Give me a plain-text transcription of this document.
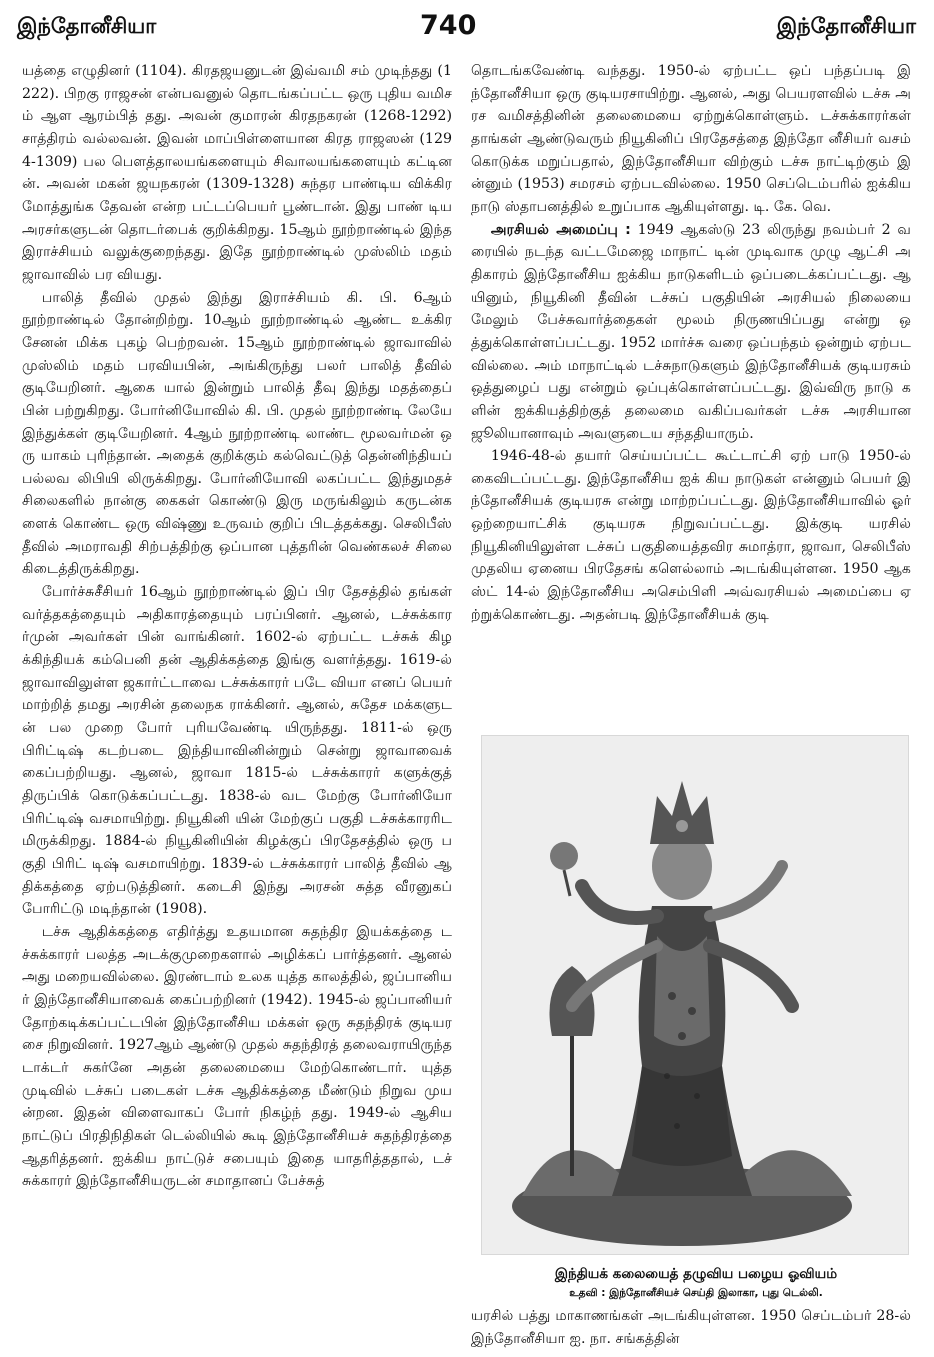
இந்தோனீசியா	740	இந்தோனீசியா

யத்தை எழுதினர் (1104). கிரதஜயனுடன் இவ்வமி சம் முடிந்தது (1222). பிறகு ராஜசன் என்பவனுல் தொடங்கப்பட்ட ஒரு புதிய வமிசம் ஆள ஆரம்பித் தது. அவன் குமாரன் கிரதநகரன் (1268-1292) சாத்திரம் வல்லவன். இவன் மாப்பிள்ளையான கிரத ராஜஸன் (1294-1309) பல பௌத்தாலயங்களையும் சிவாலயங்களையும் கட்டினன். அவன் மகன் ஜயநகரன் (1309-1328) சுந்தர பாண்டிய விக்கிரமோத்துங்க தேவன் என்ற பட்டப்பெயர் பூண்டான். இது பாண் டிய அரசர்களுடன் தொடர்பைக் குறிக்கிறது. 15ஆம் நூற்றாண்டில் இந்த இராச்சியம் வலுக்குறைந்தது. இதே நூற்றாண்டில் முஸ்லிம் மதம் ஜாவாவில் பர வியது.

பாலித் தீவில் முதல் இந்து இராச்சியம் கி. பி. 6ஆம் நூற்றாண்டில் தோன்றிற்று. 10ஆம் நூற்றாண்டில் ஆண்ட உக்கிரசேனன் மிக்க புகழ் பெற்றவன். 15ஆம் நூற்றாண்டில் ஜாவாவில் முஸ்லிம் மதம் பரவியபின், அங்கிருந்து பலர் பாலித் தீவில் குடியேறினர். ஆகை யால் இன்றும் பாலித் தீவு இந்து மதத்தைப் பின் பற்றுகிறது. போர்னியோவில் கி. பி. முதல் நூற்றாண்டி லேயே இந்துக்கள் குடியேறினர். 4ஆம் நூற்றாண்டி லாண்ட மூலவர்மன் ஒரு யாகம் புரிந்தான். அதைக் குறிக்கும் கல்வெட்டுத் தென்னிந்தியப் பல்லவ லிபியி லிருக்கிறது. போர்னியோவி லகப்பட்ட இந்துமதச் சிலைகளில் நான்கு கைகள் கொண்டு இரு மருங்கிலும் கருடன்களைக் கொண்ட ஒரு விஷ்ணு உருவம் குறிப் பிடத்தக்கது. செலிபீஸ் தீவில் அமராவதி சிற்பத்திற்கு ஒப்பான புத்தரின் வெண்கலச் சிலை கிடைத்திருக்கிறது.

போர்ச்சுசீசியர் 16ஆம் நூற்றாண்டில் இப் பிர தேசத்தில் தங்கள் வர்த்தகத்தையும் அதிகாரத்தையும் பரப்பினர். ஆனல், டச்சுக்காரர்முன் அவர்கள் பின் வாங்கினர். 1602-ல் ஏற்பட்ட டச்சுக் கிழக்கிந்தியக் கம்பெனி தன் ஆதிக்கத்தை இங்கு வளர்த்தது. 1619-ல் ஜாவாவிலுள்ள ஜகார்ட்டாவை டச்சுக்காரர் படே வியா எனப் பெயர் மாற்றித் தமது அரசின் தலைநக ராக்கினர். ஆனல், சுதேச மக்களுடன் பல முறை போர் புரியவேண்டி யிருந்தது. 1811-ல் ஒரு பிரிட்டிஷ் கடற்படை இந்தியாவினின்றும் சென்று ஜாவாவைக் கைப்பற்றியது. ஆனல், ஜாவா 1815-ல் டச்சுக்காரர் களுக்குத் திருப்பிக் கொடுக்கப்பட்டது. 1838-ல் வட மேற்கு போர்னியோ பிரிட்டிஷ் வசமாயிற்று. நியூகினி யின் மேற்குப் பகுதி டச்சுக்காரரிடமிருக்கிறது. 1884-ல் நியூகினியின் கிழக்குப் பிரதேசத்தில் ஒரு பகுதி பிரிட் டிஷ் வசமாயிற்று. 1839-ல் டச்சுக்காரர் பாலித் தீவில் ஆதிக்கத்தை ஏற்படுத்தினர். கடைசி இந்து அரசன் சுத்த வீரனுகப் போரிட்டு மடிந்தான் (1908).

டச்சு ஆதிக்கத்தை எதிர்த்து உதயமான சுதந்திர இயக்கத்தை டச்சுக்காரர் பலத்த அடக்குமுறைகளால் அழிக்கப் பார்த்தனர். ஆனல் அது மறையவில்லை. இரண்டாம் உலக யுத்த காலத்தில், ஜப்பானியர் இந்தோனீசியாவைக் கைப்பற்றினர் (1942). 1945-ல் ஜப்பானியர் தோற்கடிக்கப்பட்டபின் இந்தோனீசிய மக்கள் ஒரு சுதந்திரக் குடியரசை நிறுவினர். 1927ஆம் ஆண்டு முதல் சுதந்திரத் தலைவராயிருந்த டாக்டர் சுகர்னே அதன் தலைமையை மேற்கொண்டார். யுத்த முடிவில் டச்சுப் படைகள் டச்சு ஆதிக்கத்தை மீண்டும் நிறுவ முயன்றன. இதன் விளைவாகப் போர் நிகழ்ந் தது. 1949-ல் ஆசிய நாட்டுப் பிரதிநிதிகள் டெல்லியில் கூடி இந்தோனீசியச் சுதந்திரத்தை ஆதரித்தனர். ஐக்கிய நாட்டுச் சபையும் இதை யாதரித்ததால், டச் சுக்காரர் இந்தோனீசியருடன் சமாதானப் பேச்சுத்

தொடங்கவேண்டி வந்தது. 1950-ல் ஏற்பட்ட ஒப் பந்தப்படி இந்தோனீசியா ஒரு குடியரசாயிற்று. ஆனல், அது பெயரளவில் டச்சு அரச வமிசத்தினின் தலைமையை ஏற்றுக்கொள்ளும். டச்சுக்காரர்கள் தாங்கள் ஆண்டுவரும் நியூகினிப் பிரதேசத்தை இந்தோ னீசியர் வசம் கொடுக்க மறுப்பதால், இந்தோனீசியா விற்கும் டச்சு நாட்டிற்கும் இன்னும் (1953) சமரசம் ஏற்படவில்லை. 1950 செப்டெம்பரில் ஐக்கிய நாடு ஸ்தாபனத்தில் உறுப்பாக ஆகியுள்ளது. டி. கே. வெ.

அரசியல் அமைப்பு : 1949 ஆகஸ்டு 23 லிருந்து நவம்பர் 2 வரையில் நடந்த வட்டமேஜை மாநாட் டின் முடிவாக முழு ஆட்சி அதிகாரம் இந்தோனீசிய ஐக்கிய நாடுகளிடம் ஒப்படைக்கப்பட்டது. ஆயினும், நியூகினி தீவின் டச்சுப் பகுதியின் அரசியல் நிலையை மேலும் பேச்சுவார்த்தைகள் மூலம் நிருணயிப்பது என்று ஒத்துக்கொள்ளப்பட்டது. 1952 மார்ச்சு வரை ஒப்பந்தம் ஒன்றும் ஏற்படவில்லை. அம் மாநாட்டில் டச்சுநாடுகளும் இந்தோனீசியக் குடியரசும் ஒத்துழைப் பது என்றும் ஒப்புக்கொள்ளப்பட்டது. இவ்விரு நாடு களின் ஐக்கியத்திற்குத் தலைமை வகிப்பவர்கள் டச்சு அரசியான ஜூலியானாவும் அவளுடைய சந்ததியாரும்.

1946-48-ல் தயார் செய்யப்பட்ட கூட்டாட்சி ஏற் பாடு 1950-ல் கைவிடப்பட்டது. இந்தோனீசிய ஐக் கிய நாடுகள் என்னும் பெயர் இந்தோனீசியக் குடியரசு என்று மாற்றப்பட்டது. இந்தோனீசியாவில் ஓர் ஒற்றையாட்சிக் குடியரசு நிறுவப்பட்டது. இக்குடி யரசில் நியூகினியிலுள்ள டச்சுப் பகுதியைத்தவிர சுமாத்ரா, ஜாவா, செலிபீஸ் முதலிய ஏனைய பிரதேசங் களெல்லாம் அடங்கியுள்ளன. 1950 ஆகஸ்ட் 14-ல் இந்தோனீசிய அசெம்பிளி அவ்வரசியல் அமைப்பை ஏற்றுக்கொண்டது. அதன்படி இந்தோனீசியக் குடி

இந்தியக் கலையைத் தழுவிய பழைய ஓவியம்
உதவி : இந்தோனீசியச் செய்தி இலாகா, புது டெல்லி.

யரசில் பத்து மாகாணங்கள் அடங்கியுள்ளன. 1950 செப்டம்பர் 28-ல் இந்தோனீசியா ஐ. நா. சங்கத்தின்
